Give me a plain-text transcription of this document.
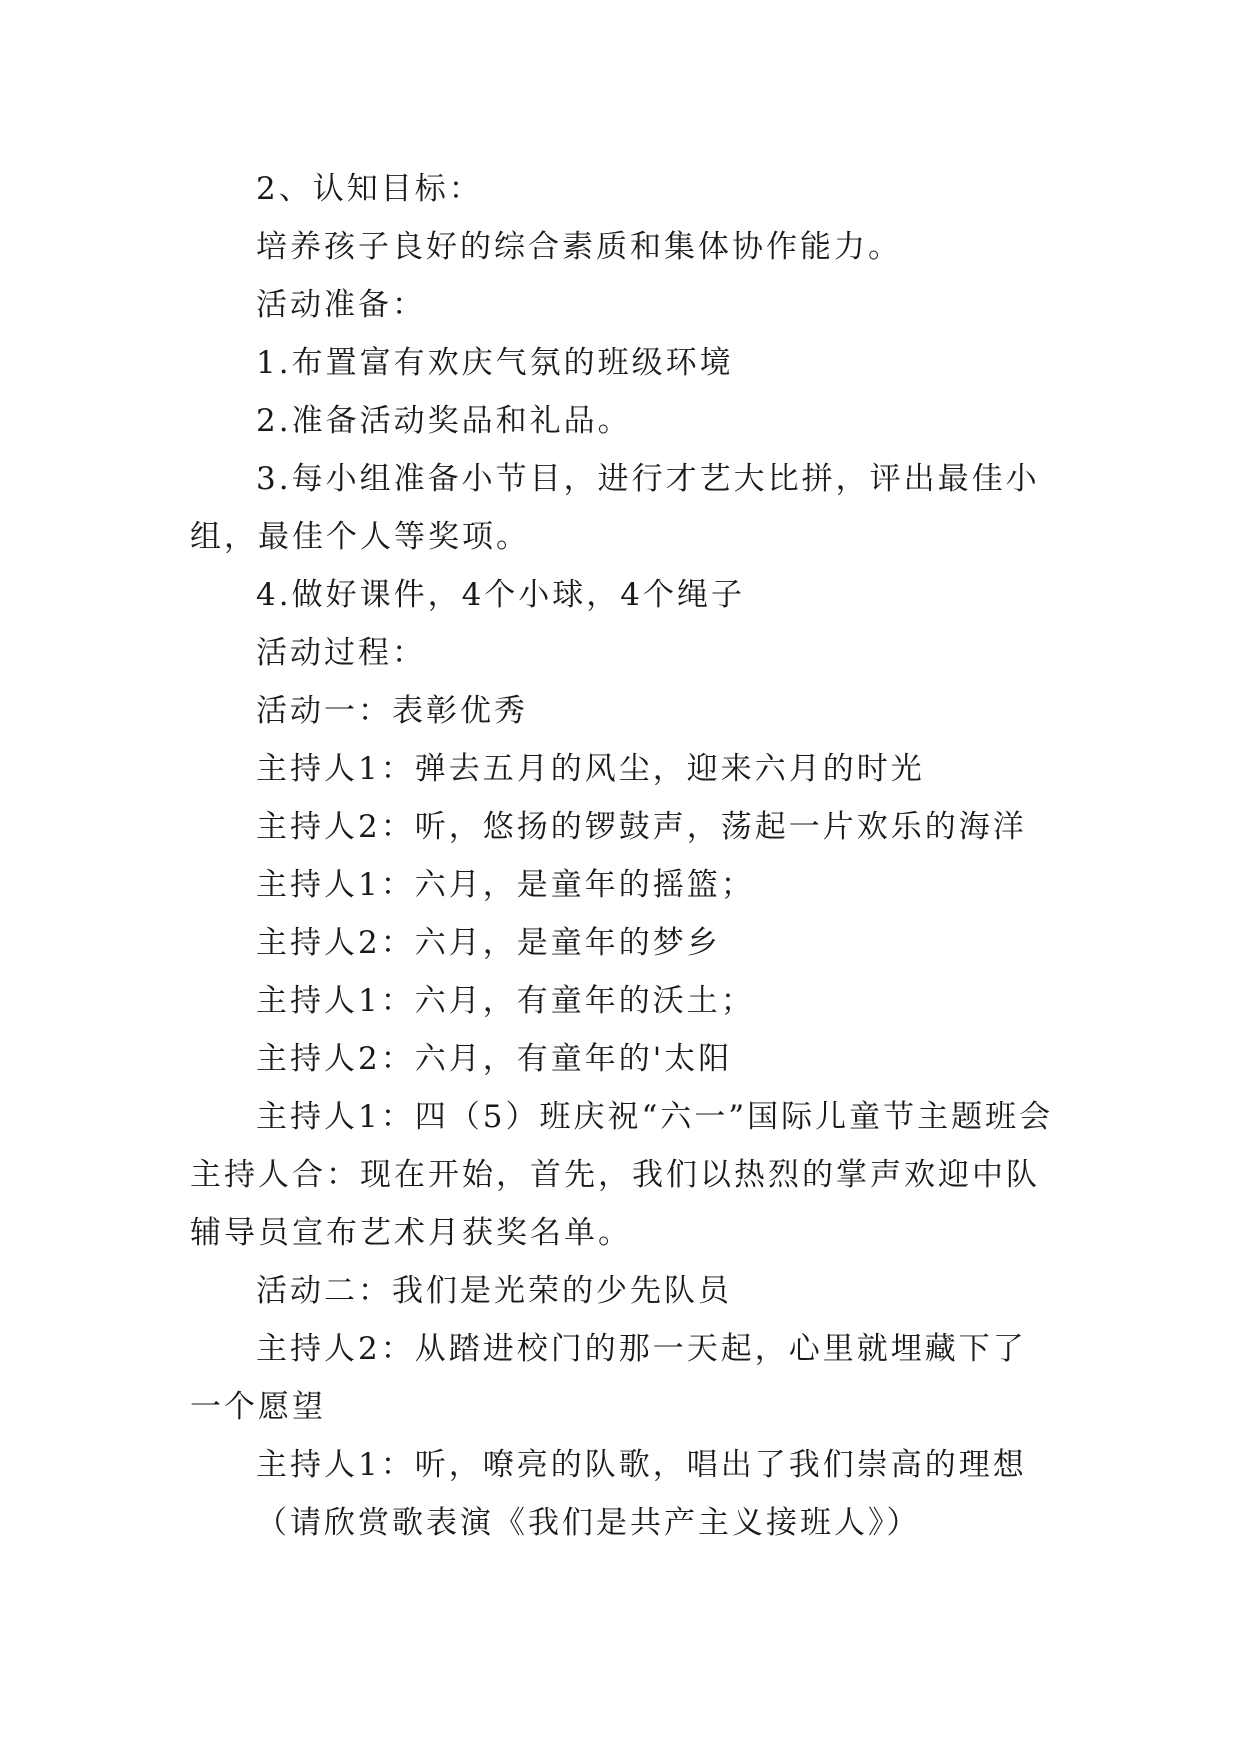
2、认知目标：

培养孩子良好的综合素质和集体协作能力。

活动准备：

1.布置富有欢庆气氛的班级环境

2.准备活动奖品和礼品。

3.每小组准备小节目，进行才艺大比拼，评出最佳小组，最佳个人等奖项。

4.做好课件，4个小球，4个绳子

活动过程：

活动一：表彰优秀

主持人1：弹去五月的风尘，迎来六月的时光

主持人2：听，悠扬的锣鼓声，荡起一片欢乐的海洋

主持人1：六月，是童年的摇篮；

主持人2：六月，是童年的梦乡

主持人1：六月，有童年的沃土；

主持人2：六月，有童年的'太阳

主持人1：四（5）班庆祝“六一”国际儿童节主题班会主持人合：现在开始，首先，我们以热烈的掌声欢迎中队辅导员宣布艺术月获奖名单。

活动二：我们是光荣的少先队员

主持人2：从踏进校门的那一天起，心里就埋藏下了一个愿望

主持人1：听，嘹亮的队歌，唱出了我们崇高的理想

（请欣赏歌表演《我们是共产主义接班人》）
